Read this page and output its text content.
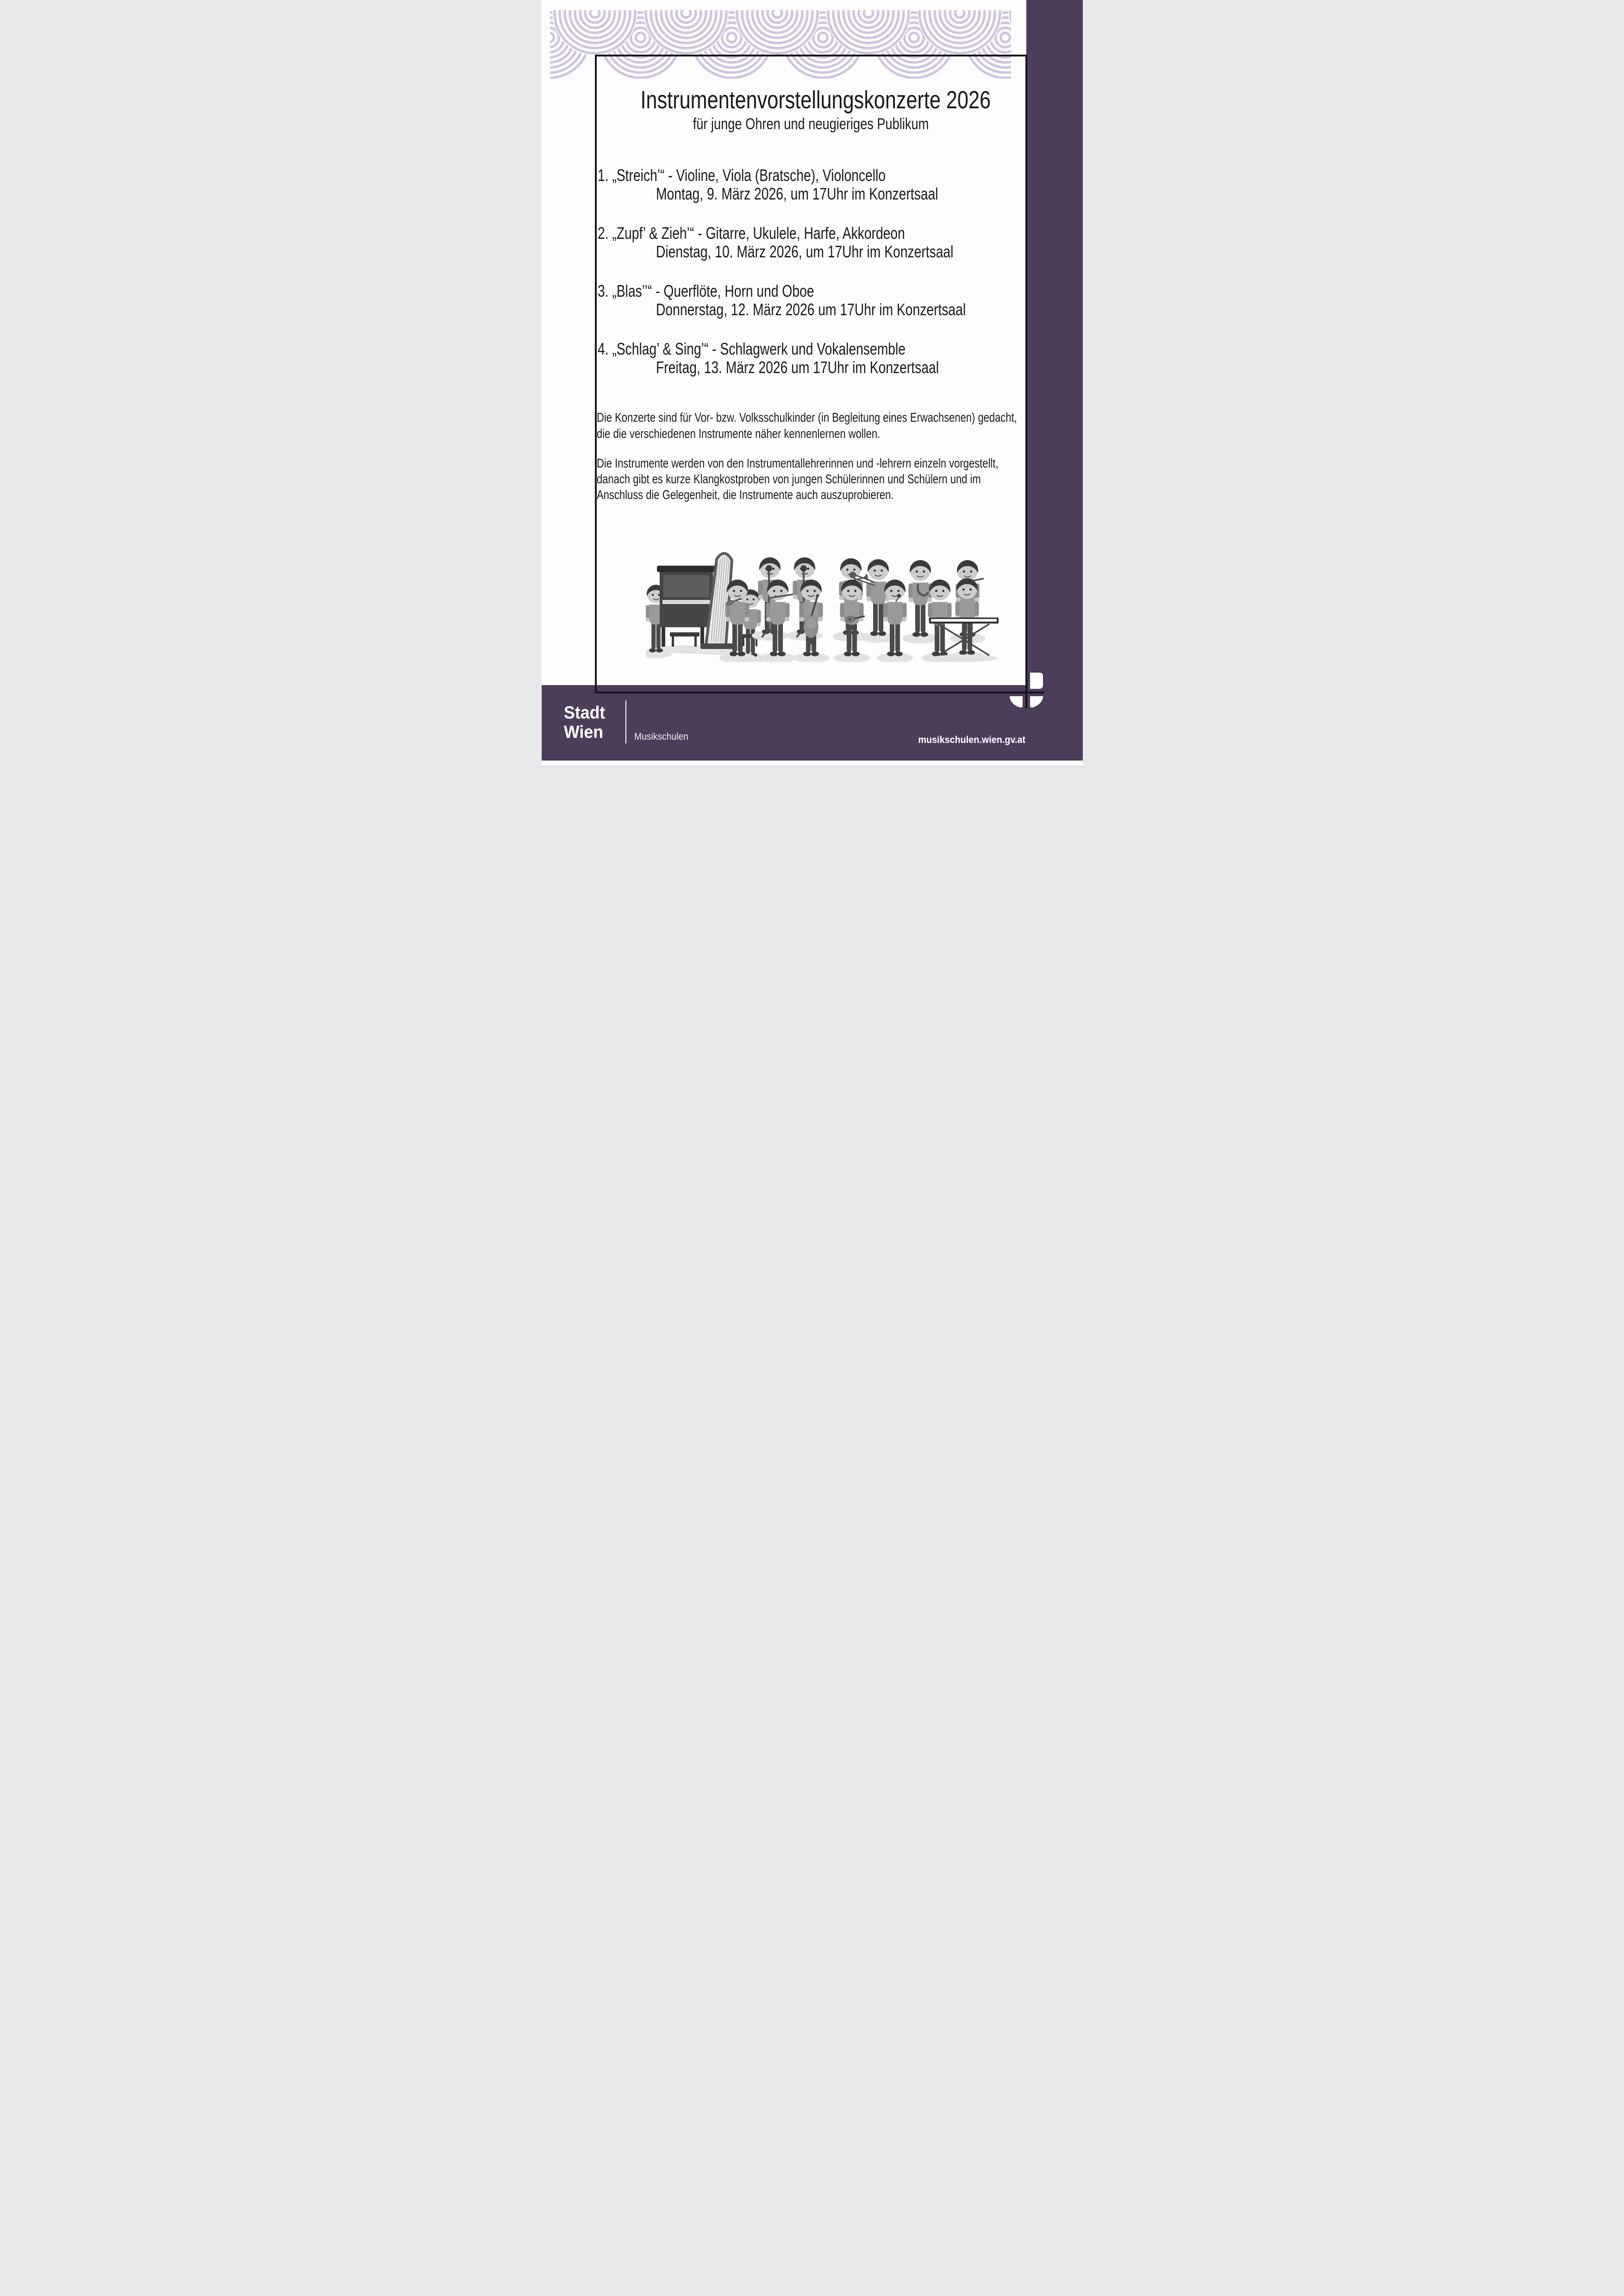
Instrumentenvorstellungskonzerte 2026
für junge Ohren und neugieriges Publikum
1. „Streich’“ - Violine, Viola (Bratsche), Violoncello
Montag, 9. März 2026, um 17Uhr im Konzertsaal
2. „Zupf’ & Zieh’“ - Gitarre, Ukulele, Harfe, Akkordeon
Dienstag, 10. März 2026, um 17Uhr im Konzertsaal
3. „Blas’’“ - Querflöte, Horn und Oboe
Donnerstag, 12. März 2026 um 17Uhr im Konzertsaal
4. „Schlag’ & Sing’“ - Schlagwerk und Vokalensemble
Freitag, 13. März 2026 um 17Uhr im Konzertsaal
Die Konzerte sind für Vor- bzw. Volksschulkinder (in Begleitung eines Erwachsenen) gedacht, die die verschiedenen Instrumente näher kennenlernen wollen.
Die Instrumente werden von den Instrumentallehrerinnen und -lehrern einzeln vorgestellt, danach gibt es kurze Klangkostproben von jungen Schülerinnen und Schülern und im Anschluss die Gelegenheit, die Instrumente auch auszuprobieren.
Stadt
Wien	Musikschulen	musikschulen.wien.gv.at
